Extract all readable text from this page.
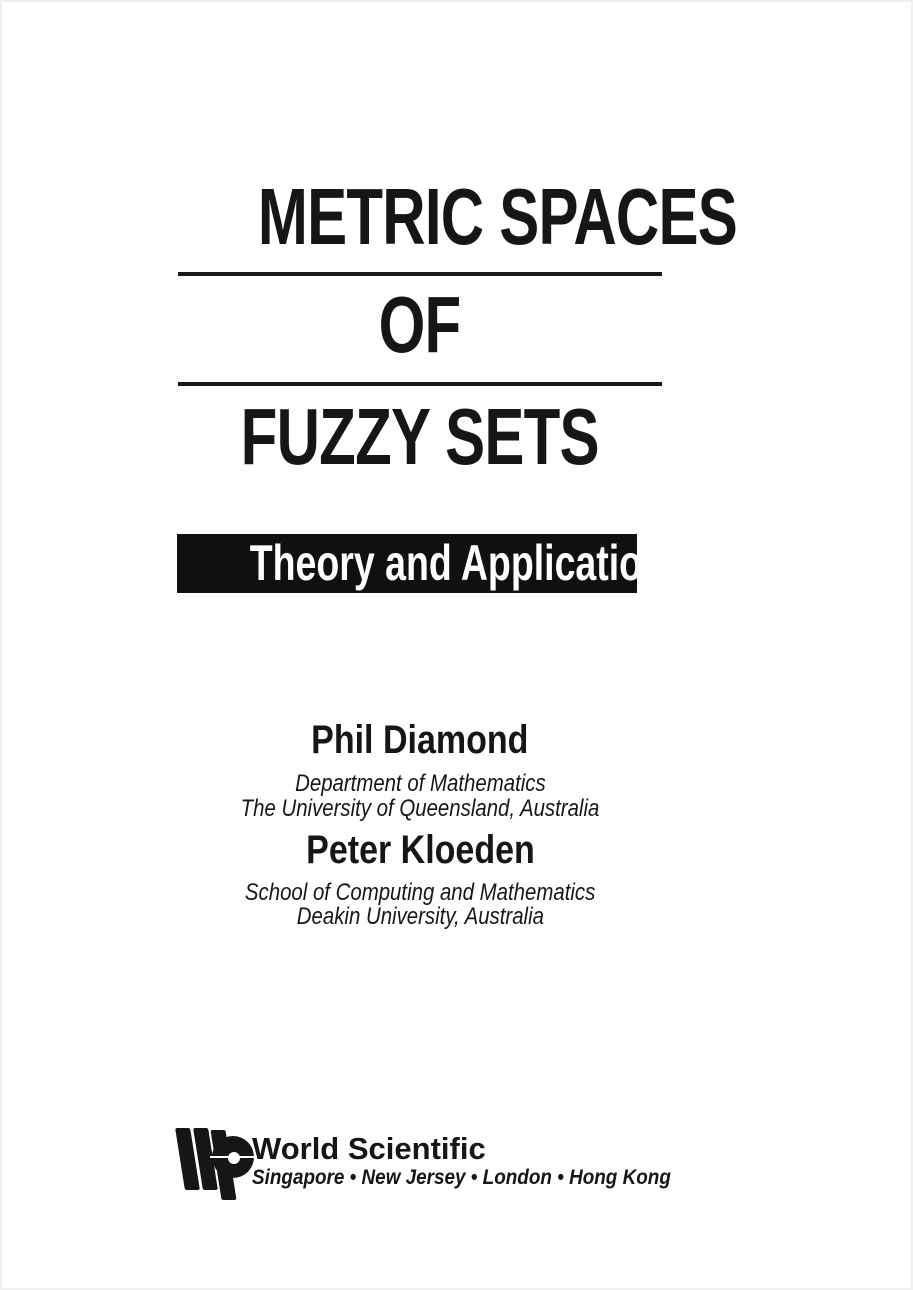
METRIC SPACES
OF
FUZZY SETS
Theory and Applications
Phil Diamond
Department of Mathematics
The University of Queensland, Australia
Peter Kloeden
School of Computing and Mathematics
Deakin University, Australia
World Scientific
Singapore • New Jersey • London • Hong Kong
